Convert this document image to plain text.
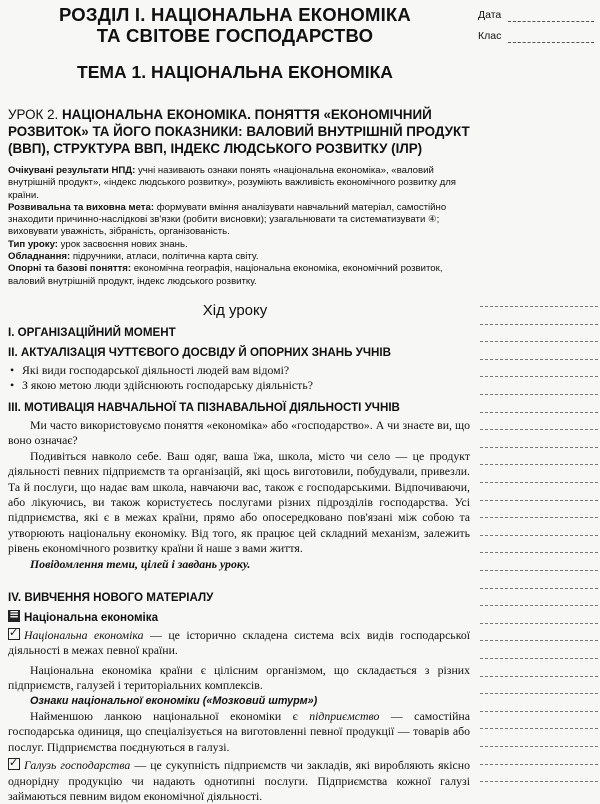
Дата
Клас
РОЗДІЛ І. НАЦІОНАЛЬНА ЕКОНОМІКА
ТА СВІТОВЕ ГОСПОДАРСТВО
ТЕМА 1. НАЦІОНАЛЬНА ЕКОНОМІКА
УРОК 2. НАЦІОНАЛЬНА ЕКОНОМІКА. ПОНЯТТЯ «ЕКОНОМІЧНИЙ
РОЗВИТОК» ТА ЙОГО ПОКАЗНИКИ: ВАЛОВИЙ ВНУТРІШНІЙ ПРОДУКТ
(ВВП), СТРУКТУРА ВВП, ІНДЕКС ЛЮДСЬКОГО РОЗВИТКУ (ІЛР)
Очікувані результати НПД: учні називають ознаки понять «національна економіка», «валовий внутрішній продукт», «індекс людського розвитку», розуміють важливість економічного розвитку для країни.
Розвивальна та виховна мета: формувати вміння аналізувати навчальний матеріал, самостійно знаходити причинно-наслідкові зв'язки (робити висновки); узагальнювати та систематизувати ④; виховувати уважність, зібраність, організованість.
Тип уроку: урок засвоєння нових знань.
Обладнання: підручники, атласи, політична карта світу.
Опорні та базові поняття: економічна географія, національна економіка, економічний розвиток, валовий внутрішній продукт, індекс людського розвитку.
Хід уроку
І. ОРГАНІЗАЦІЙНИЙ МОМЕНТ
ІІ. АКТУАЛІЗАЦІЯ ЧУТТЄВОГО ДОСВІДУ Й ОПОРНИХ ЗНАНЬ УЧНІВ
• Які види господарської діяльності людей вам відомі?
• З якою метою люди здійснюють господарську діяльність?
ІІІ. МОТИВАЦІЯ НАВЧАЛЬНОЇ ТА ПІЗНАВАЛЬНОЇ ДІЯЛЬНОСТІ УЧНІВ

Ми часто використовуємо поняття «економіка» або «господарство». А чи знаєте ви, що воно означає?

Подивіться навколо себе. Ваш одяг, ваша їжа, школа, місто чи село — це продукт діяльності певних підприємств та організацій, які щось виготовили, побудували, привезли. Та й послуги, що надає вам школа, навчаючи вас, також є господарськими. Відпочиваючи, або лікуючись, ви також користуєтесь послугами різних підрозділів господарства. Усі підприємства, які є в межах країни, прямо або опосередковано пов'язані між собою та утворюють національну економіку. Від того, як працює цей складний механізм, залежить рівень економічного розвитку країни й наше з вами життя.

Повідомлення теми, цілей і завдань уроку.

IV. ВИВЧЕННЯ НОВОГО МАТЕРІАЛУ
≡Національна економіка

✓Національна економіка — це історично складена система всіх видів господарської діяльності в межах певної країни.

Національна економіка країни є цілісним організмом, що складається з різних підприємств, галузей і територіальних комплексів.

Ознаки національної економіки («Мозковий штурм»)

Найменшою ланкою національної економіки є підприємство — самостійна господарська одиниця, що спеціалізується на виготовленні певної продукції — товарів або послуг. Підприємства поєднуються в галузі.

✓Галузь господарства — це сукупність підприємств чи закладів, які виробляють якісно однорідну продукцію чи надають однотипні послуги. Підприємства кожної галузі займаються певним видом економічної діяльності.
